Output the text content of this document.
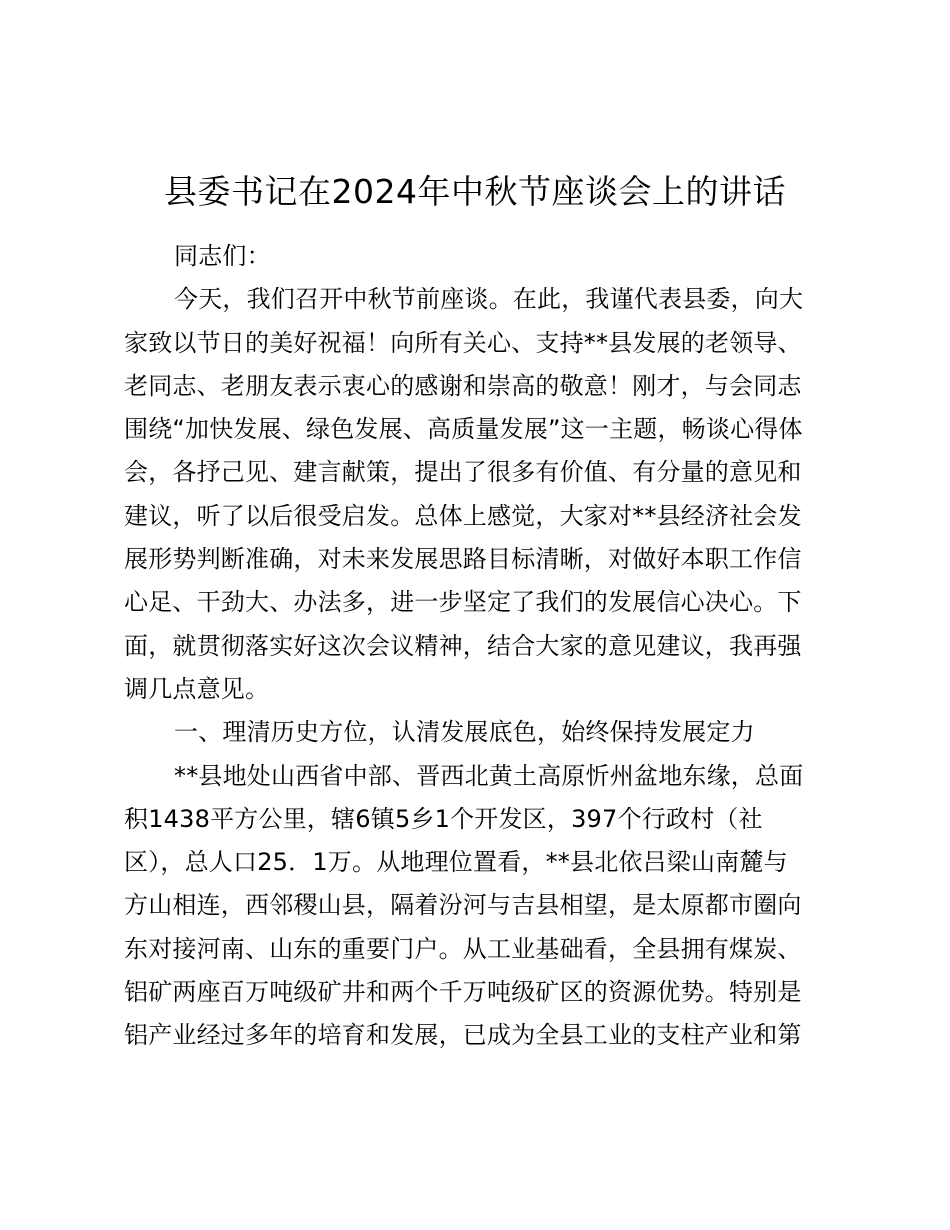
县委书记在2024年中秋节座谈会上的讲话
同志们：
今天，我们召开中秋节前座谈。在此，我谨代表县委，向大
家致以节日的美好祝福！向所有关心、支持**县发展的老领导、
老同志、老朋友表示衷心的感谢和崇高的敬意！刚才，与会同志
围绕“加快发展、绿色发展、高质量发展”这一主题，畅谈心得体
会，各抒己见、建言献策，提出了很多有价值、有分量的意见和
建议，听了以后很受启发。总体上感觉，大家对**县经济社会发
展形势判断准确，对未来发展思路目标清晰，对做好本职工作信
心足、干劲大、办法多，进一步坚定了我们的发展信心决心。下
面，就贯彻落实好这次会议精神，结合大家的意见建议，我再强
调几点意见。
一、理清历史方位，认清发展底色，始终保持发展定力
**县地处山西省中部、晋西北黄土高原忻州盆地东缘，总面
积1438平方公里，辖6镇5乡1个开发区，397个行政村（社
区），总人口25．1万。从地理位置看，**县北依吕梁山南麓与
方山相连，西邻稷山县，隔着汾河与吉县相望，是太原都市圈向
东对接河南、山东的重要门户。从工业基础看，全县拥有煤炭、
铝矿两座百万吨级矿井和两个千万吨级矿区的资源优势。特别是
铝产业经过多年的培育和发展，已成为全县工业的支柱产业和第
